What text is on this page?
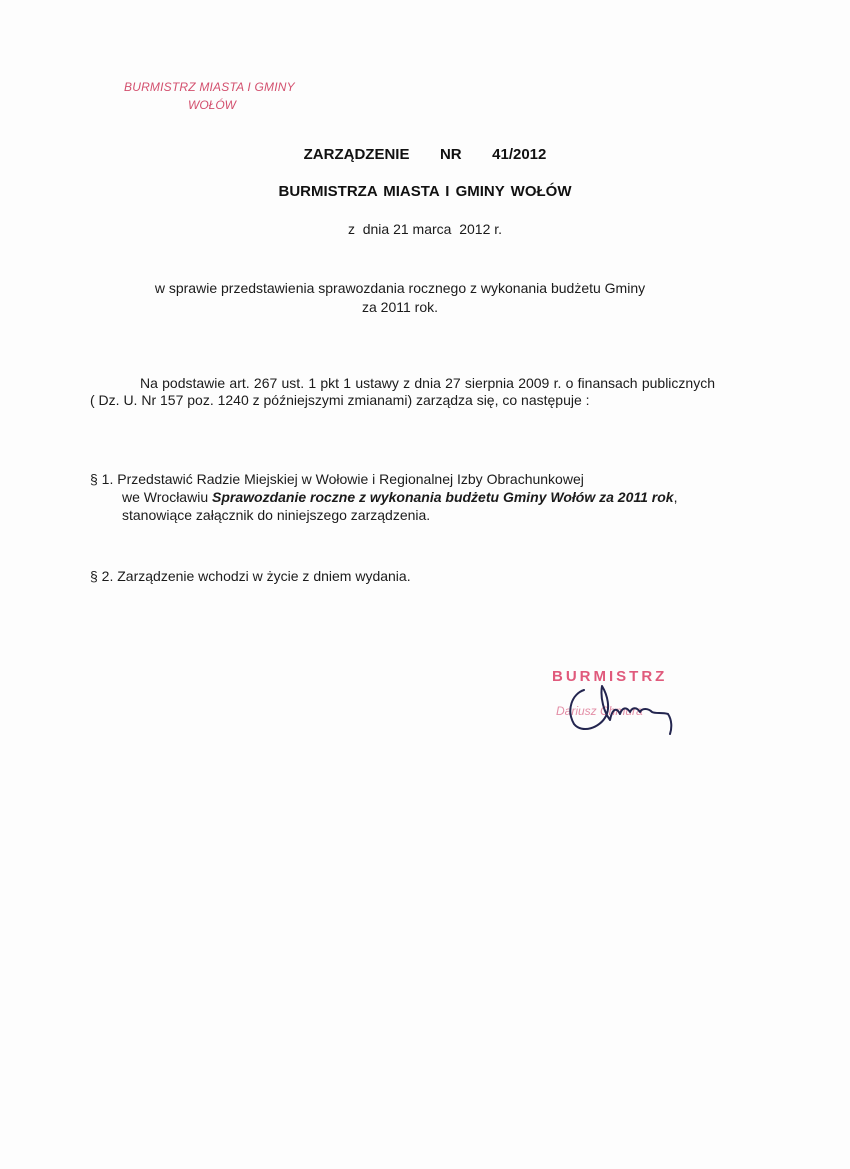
BURMISTRZ MIASTA I GMINY
WOŁÓW
ZARZĄDZENIE   NR   41/2012
BURMISTRZA MIASTA I GMINY WOŁÓW
z  dnia 21 marca  2012 r.
w sprawie przedstawienia sprawozdania rocznego z wykonania budżetu Gminy
za 2011 rok.
Na podstawie art. 267 ust. 1 pkt 1 ustawy z dnia 27 sierpnia 2009 r. o finansach publicznych ( Dz. U. Nr 157 poz. 1240 z późniejszymi zmianami) zarządza się, co następuje :
§ 1. Przedstawić Radzie Miejskiej w Wołowie i Regionalnej Izby Obrachunkowej
we Wrocławiu Sprawozdanie roczne z wykonania budżetu Gminy Wołów za 2011 rok, stanowiące załącznik do niniejszego zarządzenia.
§ 2. Zarządzenie wchodzi w życie z dniem wydania.
BURMISTRZ
Dariusz Chmura
